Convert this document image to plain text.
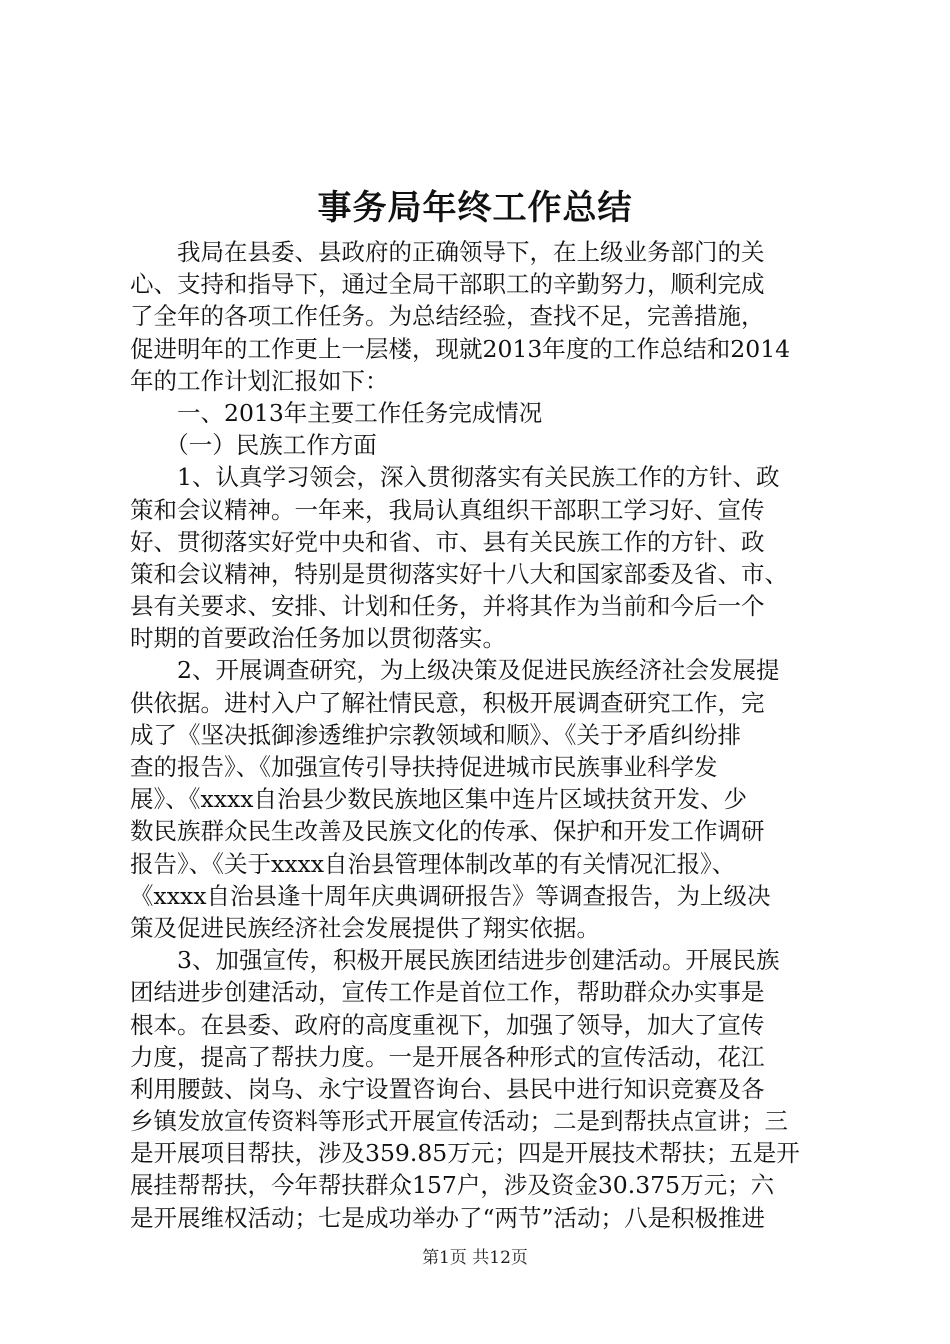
事务局年终工作总结
　　我局在县委、县政府的正确领导下，在上级业务部门的关
心、支持和指导下，通过全局干部职工的辛勤努力，顺利完成
了全年的各项工作任务。为总结经验，查找不足，完善措施，
促进明年的工作更上一层楼，现就2013年度的工作总结和2014
年的工作计划汇报如下：
　　一、2013年主要工作任务完成情况
　　（一）民族工作方面
　　1、认真学习领会，深入贯彻落实有关民族工作的方针、政
策和会议精神。一年来，我局认真组织干部职工学习好、宣传
好、贯彻落实好党中央和省、市、县有关民族工作的方针、政
策和会议精神，特别是贯彻落实好十八大和国家部委及省、市、
县有关要求、安排、计划和任务，并将其作为当前和今后一个
时期的首要政治任务加以贯彻落实。
　　2、开展调查研究，为上级决策及促进民族经济社会发展提
供依据。进村入户了解社情民意，积极开展调查研究工作，完
成了《坚决抵御渗透维护宗教领域和顺》、《关于矛盾纠纷排
查的报告》、《加强宣传引导扶持促进城市民族事业科学发
展》、《xxxx自治县少数民族地区集中连片区域扶贫开发、少
数民族群众民生改善及民族文化的传承、保护和开发工作调研
报告》、《关于xxxx自治县管理体制改革的有关情况汇报》、
《xxxx自治县逢十周年庆典调研报告》等调查报告，为上级决
策及促进民族经济社会发展提供了翔实依据。
　　3、加强宣传，积极开展民族团结进步创建活动。开展民族
团结进步创建活动，宣传工作是首位工作，帮助群众办实事是
根本。在县委、政府的高度重视下，加强了领导，加大了宣传
力度，提高了帮扶力度。一是开展各种形式的宣传活动，花江
利用腰鼓、岗乌、永宁设置咨询台、县民中进行知识竞赛及各
乡镇发放宣传资料等形式开展宣传活动；二是到帮扶点宣讲；三
是开展项目帮扶，涉及359.85万元；四是开展技术帮扶；五是开
展挂帮帮扶，今年帮扶群众157户，涉及资金30.375万元；六
是开展维权活动；七是成功举办了“两节”活动；八是积极推进
第1页 共12页
